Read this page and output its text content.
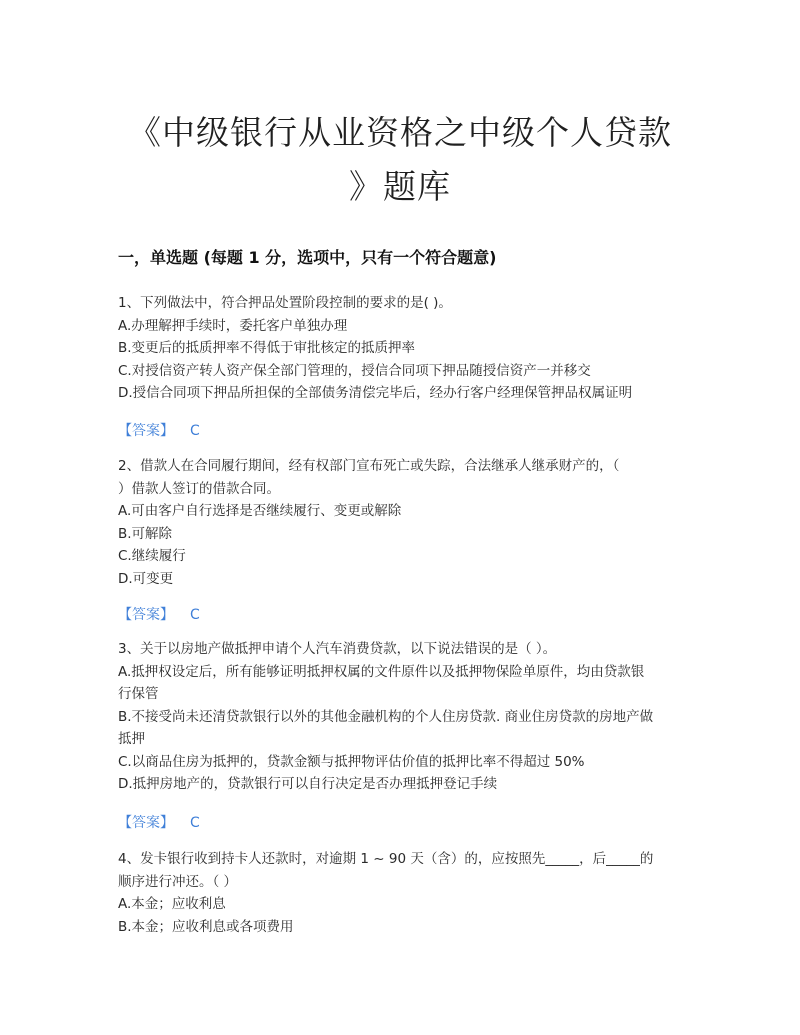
《中级银行从业资格之中级个人贷款
》题库
一，单选题 (每题 1 分，选项中，只有一个符合题意)

1、下列做法中，符合押品处置阶段控制的要求的是( )。

A.办理解押手续时，委托客户单独办理

B.变更后的抵质押率不得低于审批核定的抵质押率

C.对授信资产转人资产保全部门管理的，授信合同项下押品随授信资产一并移交

D.授信合同项下押品所担保的全部债务清偿完毕后，经办行客户经理保管押品权属证明

【答案】 C

2、借款人在合同履行期间，经有权部门宣布死亡或失踪，合法继承人继承财产的，（

）借款人签订的借款合同。

A.可由客户自行选择是否继续履行、变更或解除

B.可解除

C.继续履行

D.可变更

【答案】 C

3、关于以房地产做抵押申请个人汽车消费贷款，以下说法错误的是（ ）。

A.抵押权设定后，所有能够证明抵押权属的文件原件以及抵押物保险单原件，均由贷款银

行保管

B.不接受尚未还清贷款银行以外的其他金融机构的个人住房贷款. 商业住房贷款的房地产做

抵押

C.以商品住房为抵押的，贷款金额与抵押物评估价值的抵押比率不得超过 50%

D.抵押房地产的，贷款银行可以自行决定是否办理抵押登记手续

【答案】 C

4、发卡银行收到持卡人还款时，对逾期 1 ~ 90 天（含）的，应按照先_____，后_____的

顺序进行冲还。（ ）

A.本金；应收利息

B.本金；应收利息或各项费用
